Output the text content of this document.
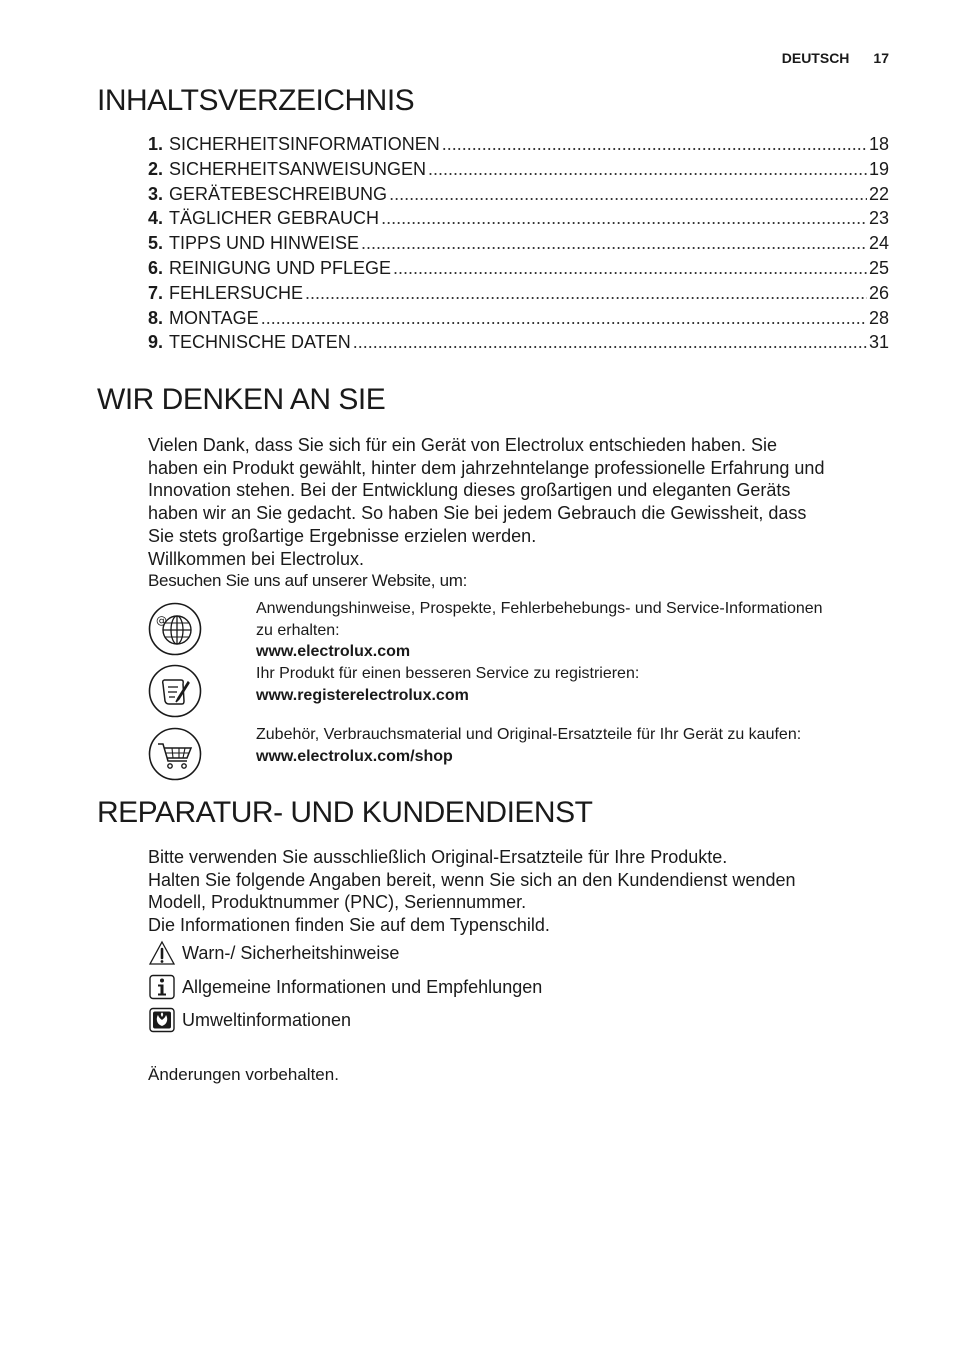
DEUTSCH 17
INHALTSVERZEICHNIS
1. SICHERHEITSINFORMATIONEN .....	18
2. SICHERHEITSANWEISUNGEN .....	19
3. GERÄTEBESCHREIBUNG .....	22
4. TÄGLICHER GEBRAUCH .....	23
5. TIPPS UND HINWEISE .....	24
6. REINIGUNG UND PFLEGE .....	25
7. FEHLERSUCHE .....	26
8. MONTAGE .....	28
9. TECHNISCHE DATEN .....	31
WIR DENKEN AN SIE
Vielen Dank, dass Sie sich für ein Gerät von Electrolux entschieden haben. Sie
haben ein Produkt gewählt, hinter dem jahrzehntelange professionelle Erfahrung und
Innovation stehen. Bei der Entwicklung dieses großartigen und eleganten Geräts
haben wir an Sie gedacht. So haben Sie bei jedem Gebrauch die Gewissheit, dass
Sie stets großartige Ergebnisse erzielen werden.
Willkommen bei Electrolux.
Besuchen Sie uns auf unserer Website, um:
@
Anwendungshinweise, Prospekte, Fehlerbehebungs- und Service-Informationen
zu erhalten:
www.electrolux.com
Ihr Produkt für einen besseren Service zu registrieren:
www.registerelectrolux.com
Zubehör, Verbrauchsmaterial und Original-Ersatzteile für Ihr Gerät zu kaufen:
www.electrolux.com/shop
REPARATUR- UND KUNDENDIENST
Bitte verwenden Sie ausschließlich Original-Ersatzteile für Ihre Produkte.
Halten Sie folgende Angaben bereit, wenn Sie sich an den Kundendienst wenden
Modell, Produktnummer (PNC), Seriennummer.
Die Informationen finden Sie auf dem Typenschild.
Warn-/ Sicherheitshinweise
Allgemeine Informationen und Empfehlungen
Umweltinformationen
Änderungen vorbehalten.
